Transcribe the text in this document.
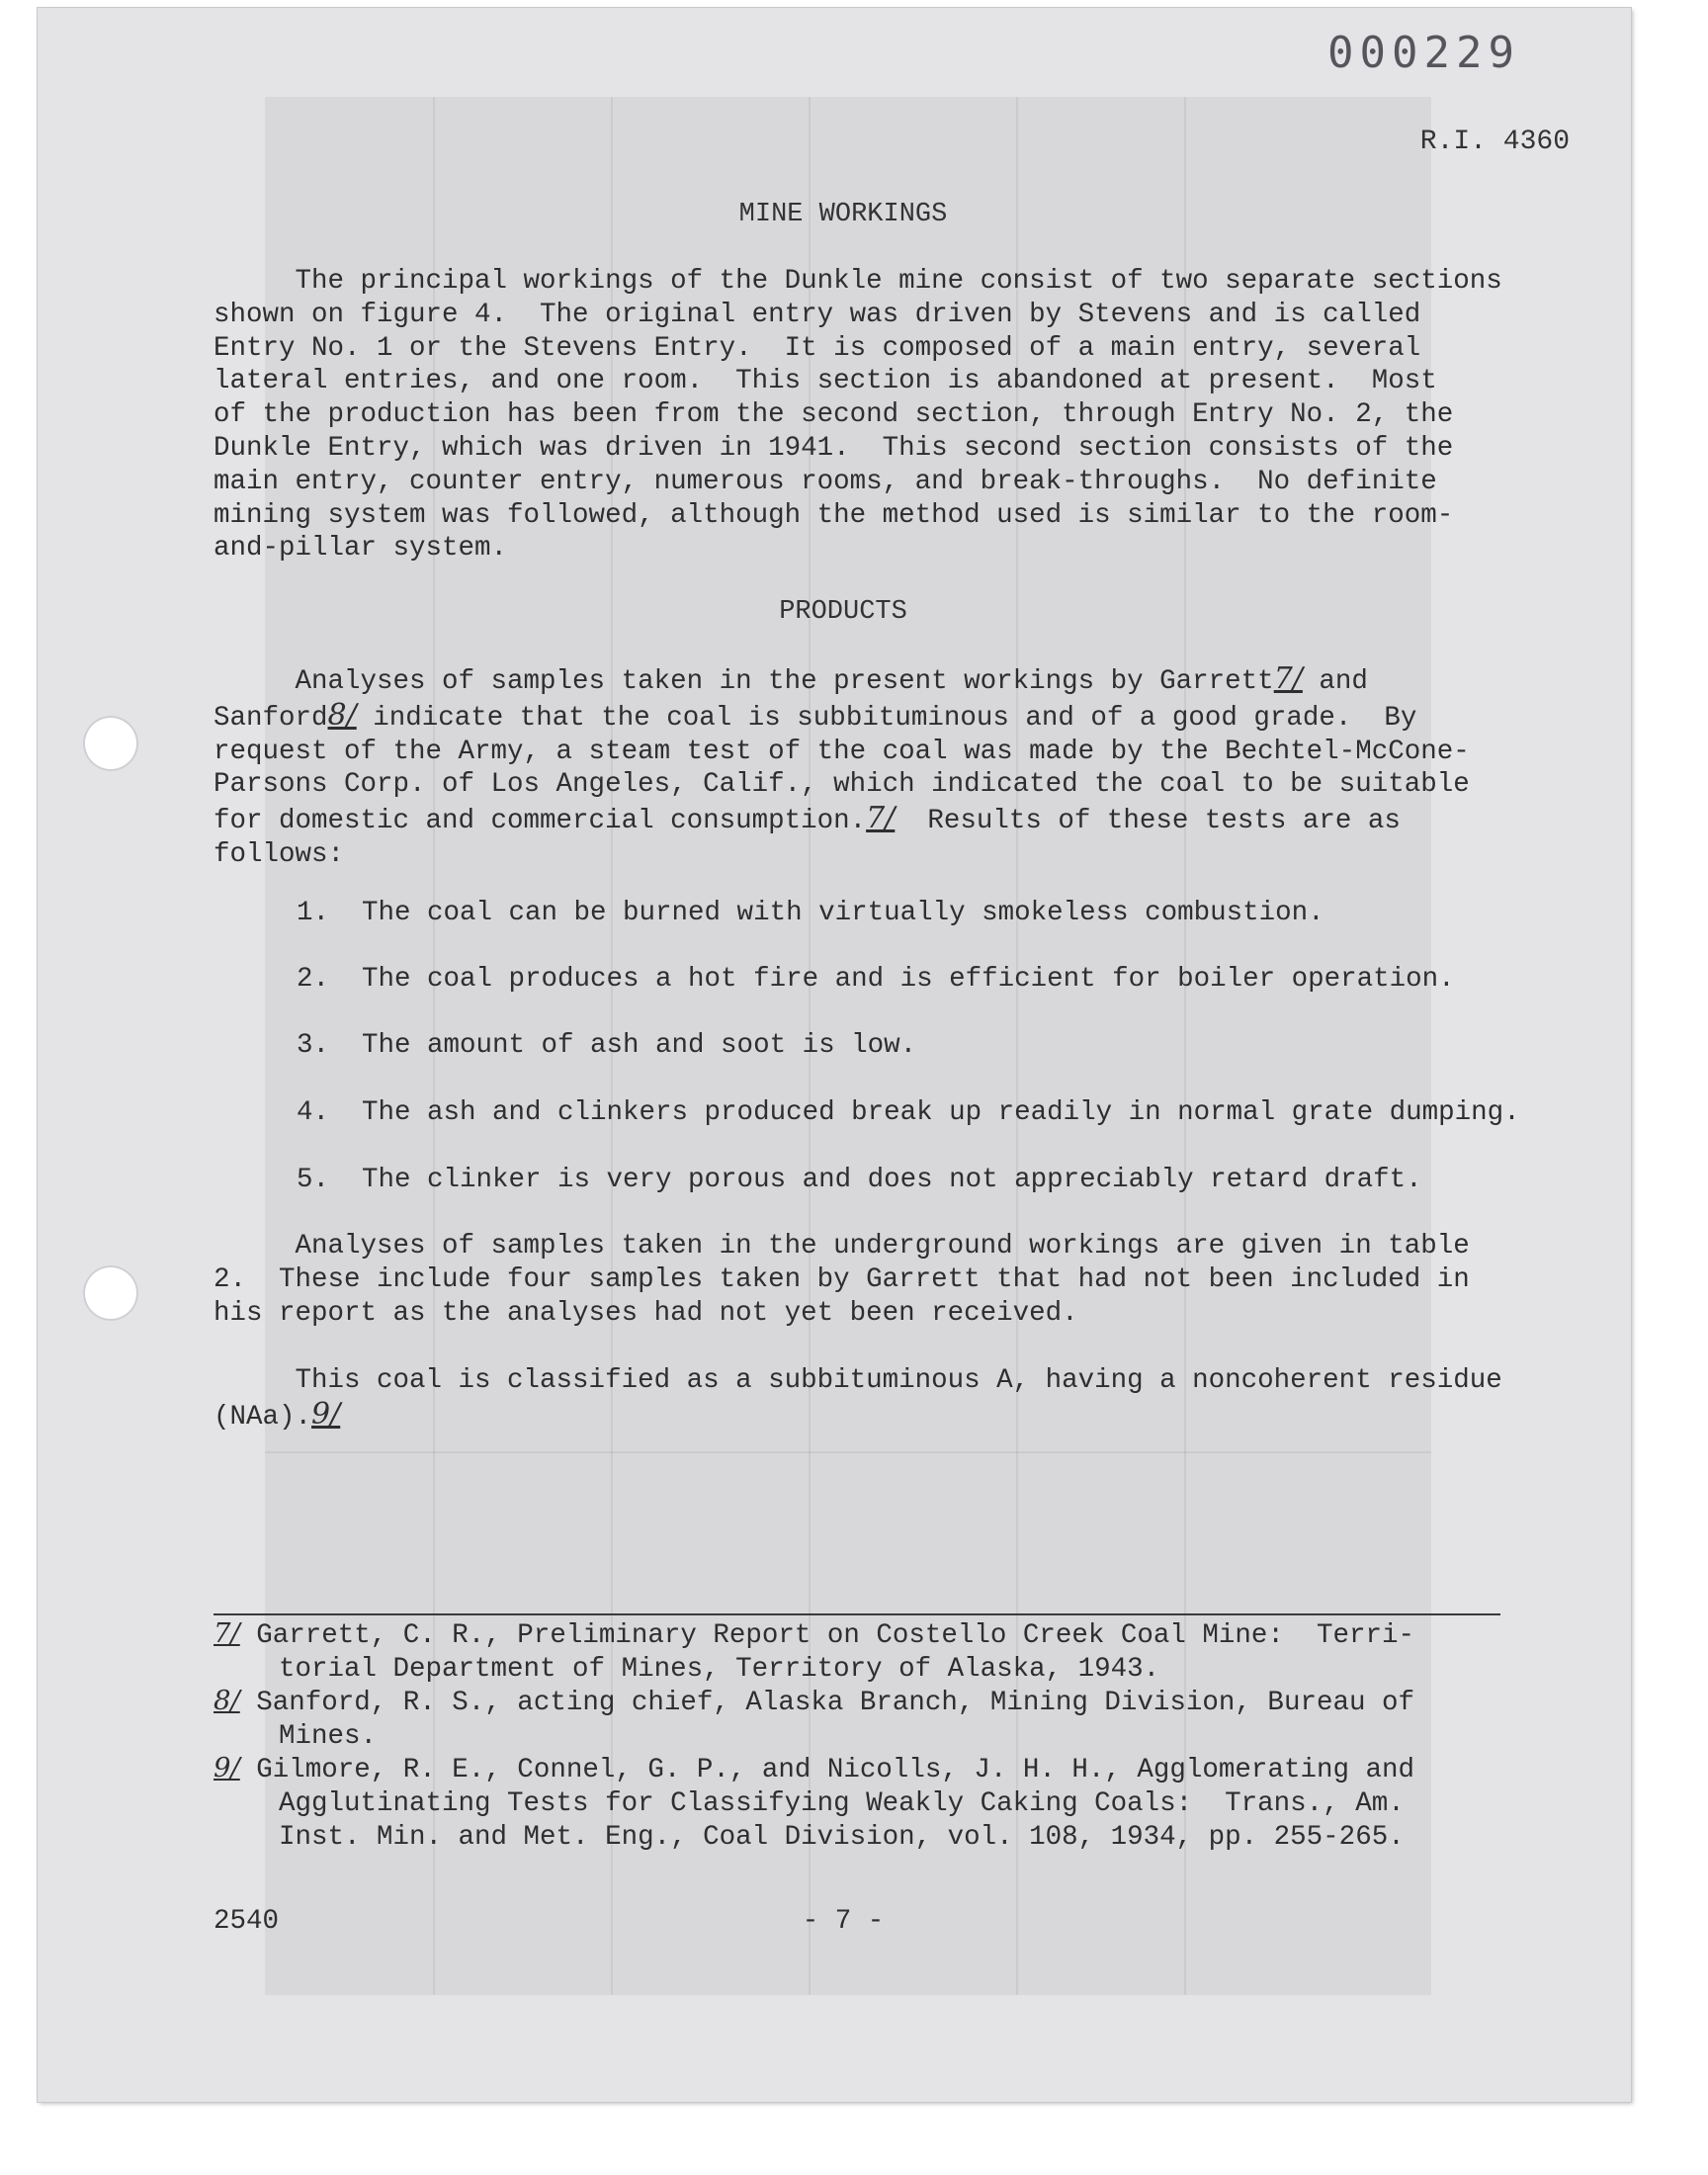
000229
R.I. 4360
MINE WORKINGS
The principal workings of the Dunkle mine consist of two separate sections
shown on figure 4.  The original entry was driven by Stevens and is called
Entry No. 1 or the Stevens Entry.  It is composed of a main entry, several
lateral entries, and one room.  This section is abandoned at present.  Most
of the production has been from the second section, through Entry No. 2, the
Dunkle Entry, which was driven in 1941.  This second section consists of the
main entry, counter entry, numerous rooms, and break-throughs.  No definite
mining system was followed, although the method used is similar to the room-
and-pillar system.
PRODUCTS
Analyses of samples taken in the present workings by Garrett7/ and
Sanford8/ indicate that the coal is subbituminous and of a good grade.  By
request of the Army, a steam test of the coal was made by the Bechtel-McCone-
Parsons Corp. of Los Angeles, Calif., which indicated the coal to be suitable
for domestic and commercial consumption.7/  Results of these tests are as
follows:
1. The coal can be burned with virtually smokeless combustion.
2. The coal produces a hot fire and is efficient for boiler operation.
3. The amount of ash and soot is low.
4. The ash and clinkers produced break up readily in normal grate dumping.
5. The clinker is very porous and does not appreciably retard draft.
Analyses of samples taken in the underground workings are given in table
2.  These include four samples taken by Garrett that had not been included in
his report as the analyses had not yet been received.
This coal is classified as a subbituminous A, having a noncoherent residue
(NAa).9/
7/ Garrett, C. R., Preliminary Report on Costello Creek Coal Mine:  Terri-
torial Department of Mines, Territory of Alaska, 1943.
8/ Sanford, R. S., acting chief, Alaska Branch, Mining Division, Bureau of
Mines.
9/ Gilmore, R. E., Connel, G. P., and Nicolls, J. H. H., Agglomerating and
Agglutinating Tests for Classifying Weakly Caking Coals:  Trans., Am.
Inst. Min. and Met. Eng., Coal Division, vol. 108, 1934, pp. 255-265.
2540	- 7 -
